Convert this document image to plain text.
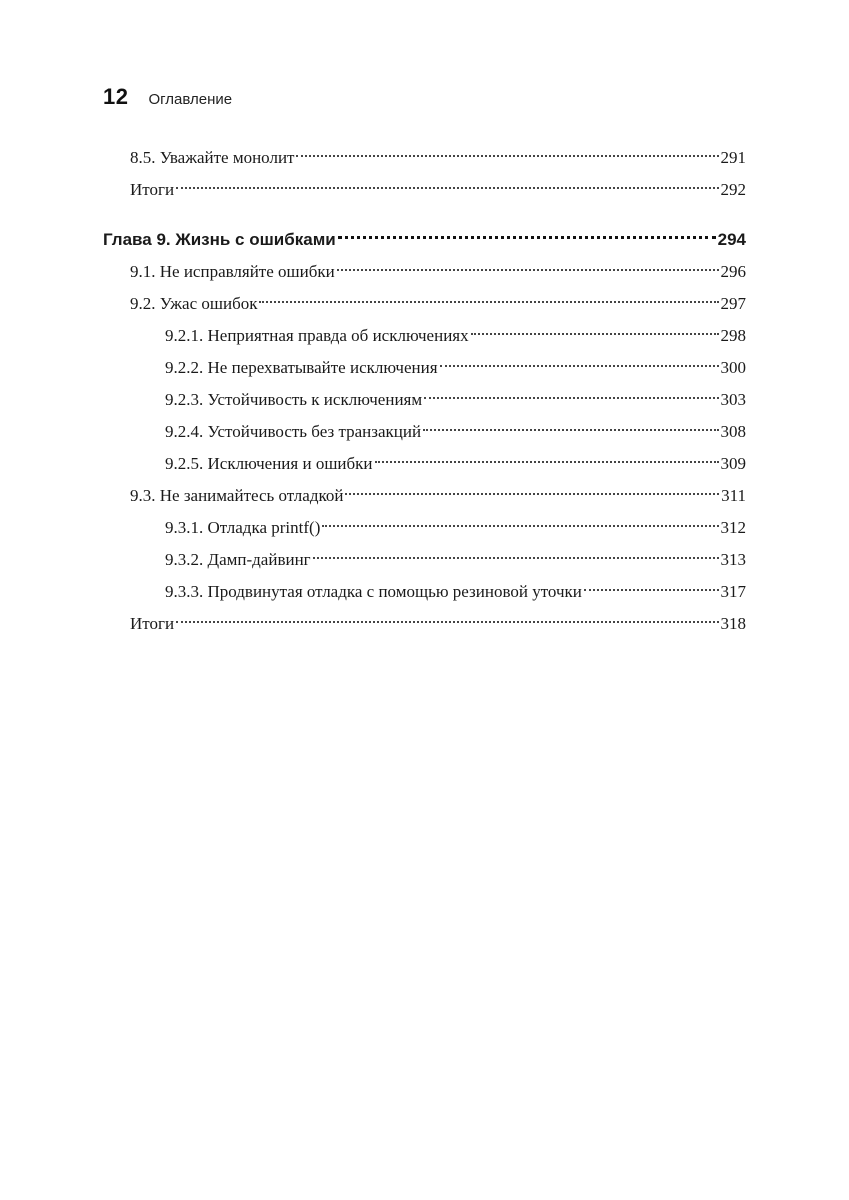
12 Оглавление
8.5. Уважайте монолит	291
Итоги	292
Глава 9. Жизнь с ошибками	294
9.1. Не исправляйте ошибки	296
9.2. Ужас ошибок	297
9.2.1. Неприятная правда об исключениях	298
9.2.2. Не перехватывайте исключения	300
9.2.3. Устойчивость к исключениям	303
9.2.4. Устойчивость без транзакций	308
9.2.5. Исключения и ошибки	309
9.3. Не занимайтесь отладкой	311
9.3.1. Отладка printf()	312
9.3.2. Дамп-дайвинг	313
9.3.3. Продвинутая отладка с помощью резиновой уточки	317
Итоги	318
